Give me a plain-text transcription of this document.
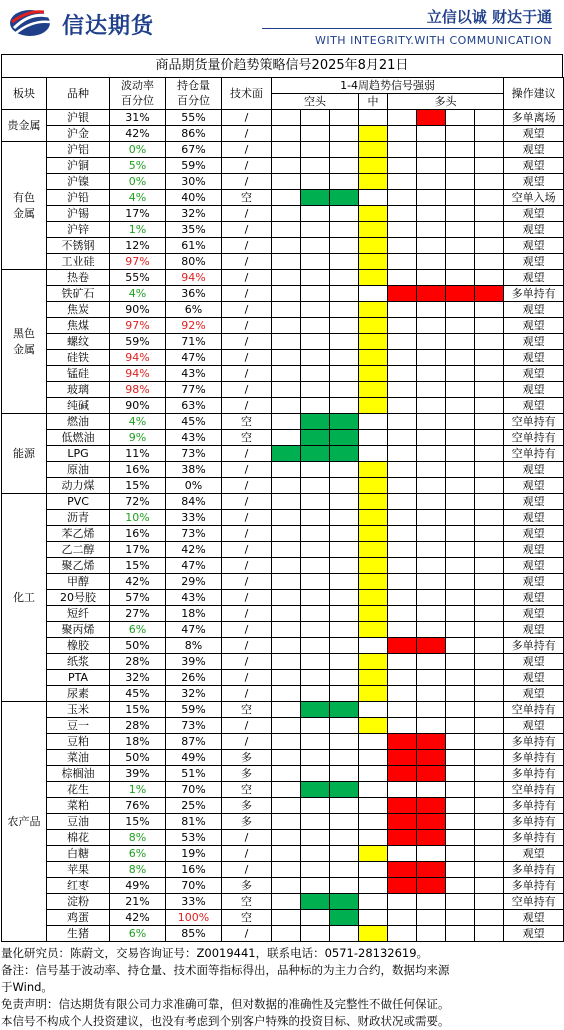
信达期货	立信以诚 财达于通
WITH INTEGRITY.WITH COMMUNICATION
商品期货量价趋势策略信号2025年8月21日
板块	品种	波动率	持仓量	技术面	1-4周趋势信号强弱								操作建议
		百分位	百分位		空头			中	多头				
贵金属	沪银	31%	55%	/									多单离场
	沪金	42%	86%	/									观望
有色
金属	沪铝	0%	67%	/									观望
	沪铜	5%	59%	/									观望
	沪镍	0%	30%	/									观望
	沪铅	4%	40%	空									空单入场
	沪锡	17%	32%	/									观望
	沪锌	1%	35%	/									观望
	不锈钢	12%	61%	/									观望
	工业硅	97%	80%	/									观望
黑色
金属	热卷	55%	94%	/									观望
	铁矿石	4%	36%	/									多单持有
	焦炭	90%	6%	/									观望
	焦煤	97%	92%	/									观望
	螺纹	59%	71%	/									观望
	硅铁	94%	47%	/									观望
	锰硅	94%	43%	/									观望
	玻璃	98%	77%	/									观望
	纯碱	90%	63%	/									观望
能源	燃油	4%	45%	空									空单持有
	低燃油	9%	43%	空									空单持有
	LPG	11%	73%	/									空单持有
	原油	16%	38%	/									观望
	动力煤	15%	0%	/									观望
化工	PVC	72%	84%	/									观望
	沥青	10%	33%	/									观望
	苯乙烯	16%	73%	/									观望
	乙二醇	17%	42%	/									观望
	聚乙烯	15%	47%	/									观望
	甲醇	42%	29%	/									观望
	20号胶	57%	43%	/									观望
	短纤	27%	18%	/									观望
	聚丙烯	6%	47%	/									观望
	橡胶	50%	8%	/									多单持有
	纸浆	28%	39%	/									观望
	PTA	32%	26%	/									观望
	尿素	45%	32%	/									观望
农产品	玉米	15%	59%	空									空单持有
	豆一	28%	73%	/									观望
	豆粕	18%	87%	/									多单持有
	菜油	50%	49%	多									多单持有
	棕榈油	39%	51%	多									多单持有
	花生	1%	70%	空									空单持有
	菜粕	76%	25%	多									多单持有
	豆油	15%	81%	多									多单持有
	棉花	8%	53%	/									多单持有
	白糖	6%	19%	/									观望
	苹果	8%	16%	/									多单持有
	红枣	49%	70%	多									多单持有
	淀粉	21%	33%	空									空单持有
	鸡蛋	42%	100%	空									观望
	生猪	6%	85%	/									观望
量化研究员：陈蔚文，交易咨询证号：Z0019441，联系电话：0571-28132619。
备注：信号基于波动率、持仓量、技术面等指标得出，品种标的为主力合约，数据均来源
于Wind。
免责声明：信达期货有限公司力求准确可靠，但对数据的准确性及完整性不做任何保证。
本信号不构成个人投资建议，也没有考虑到个别客户特殊的投资目标、财政状况或需要。
